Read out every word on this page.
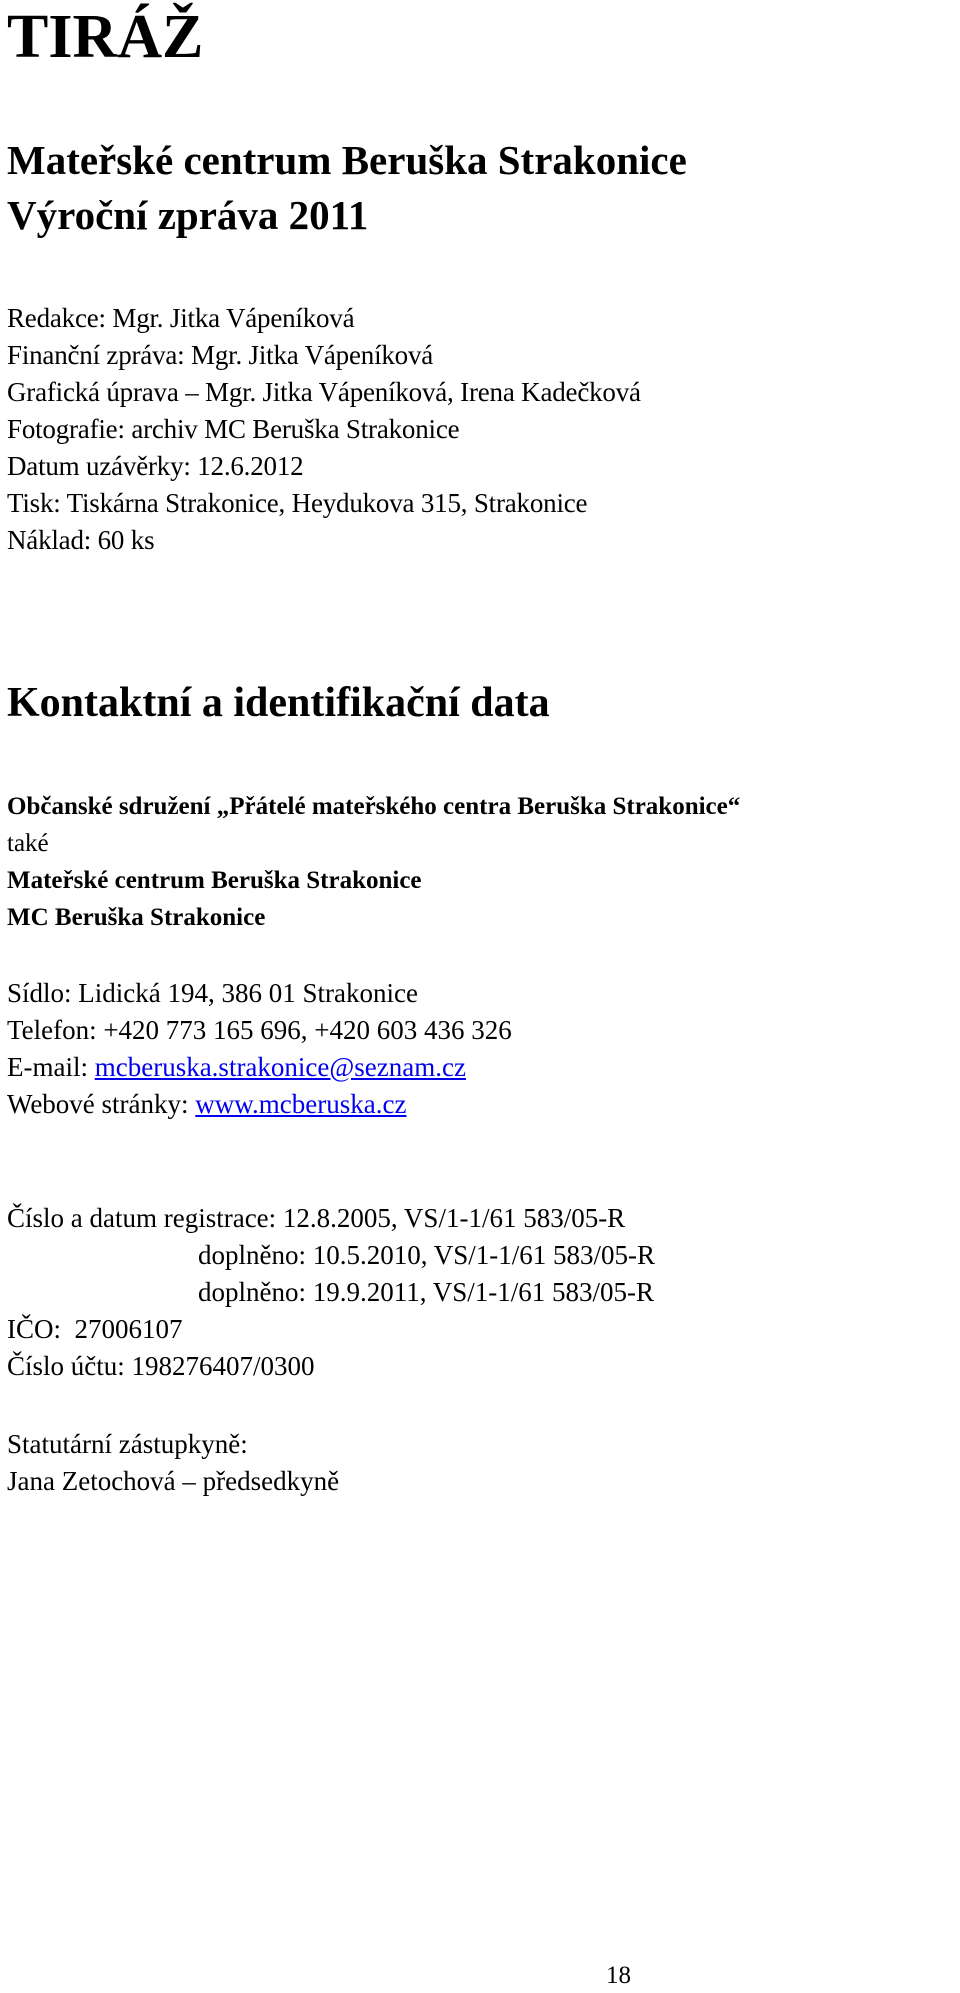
TIRÁŽ
Mateřské centrum Beruška Strakonice
Výroční zpráva 2011
Redakce: Mgr. Jitka Vápeníková
Finanční zpráva: Mgr. Jitka Vápeníková
Grafická úprava – Mgr. Jitka Vápeníková, Irena Kadečková
Fotografie: archiv MC Beruška Strakonice
Datum uzávěrky: 12.6.2012
Tisk: Tiskárna Strakonice, Heydukova 315, Strakonice
Náklad: 60 ks
Kontaktní a identifikační data
Občanské sdružení „Přátelé mateřského centra Beruška Strakonice“
také
Mateřské centrum Beruška Strakonice
MC Beruška Strakonice
Sídlo: Lidická 194, 386 01 Strakonice
Telefon: +420 773 165 696, +420 603 436 326
E-mail: mcberuska.strakonice@seznam.cz
Webové stránky: www.mcberuska.cz
Číslo a datum registrace: 12.8.2005, VS/1-1/61 583/05-R
doplněno: 10.5.2010, VS/1-1/61 583/05-R
doplněno: 19.9.2011, VS/1-1/61 583/05-R
IČO:  27006107
Číslo účtu: 198276407/0300
Statutární zástupkyně:
Jana Zetochová – předsedkyně
18
